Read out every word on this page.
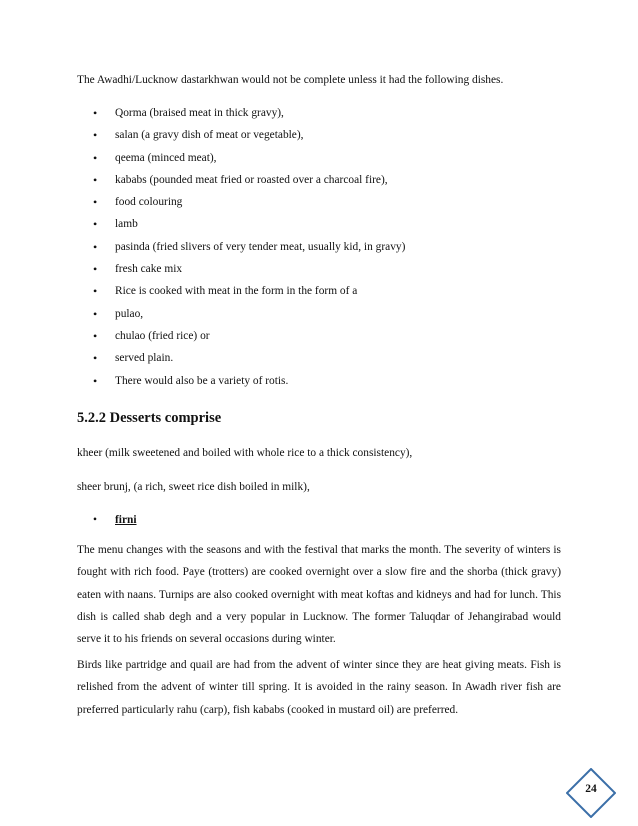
The Awadhi/Lucknow dastarkhwan would not be complete unless it had the following dishes.
• Qorma (braised meat in thick gravy),
• salan (a gravy dish of meat or vegetable),
• qeema (minced meat),
• kababs (pounded meat fried or roasted over a charcoal fire),
• food colouring
• lamb
• pasinda (fried slivers of very tender meat, usually kid, in gravy)
• fresh cake mix
• Rice is cooked with meat in the form in the form of a
• pulao,
• chulao (fried rice) or
• served plain.
• There would also be a variety of rotis.
5.2.2 Desserts comprise
kheer (milk sweetened and boiled with whole rice to a thick consistency),
sheer brunj, (a rich, sweet rice dish boiled in milk),
• firni

The menu changes with the seasons and with the festival that marks the month. The severity of winters is fought with rich food. Paye (trotters) are cooked overnight over a slow fire and the shorba (thick gravy) eaten with naans. Turnips are also cooked overnight with meat koftas and kidneys and had for lunch. This dish is called shab degh and a very popular in Lucknow. The former Taluqdar of Jehangirabad would serve it to his friends on several occasions during winter.

Birds like partridge and quail are had from the advent of winter since they are heat giving meats. Fish is relished from the advent of winter till spring. It is avoided in the rainy season. In Awadh river fish are preferred particularly rahu (carp), fish kababs (cooked in mustard oil) are preferred.

24
